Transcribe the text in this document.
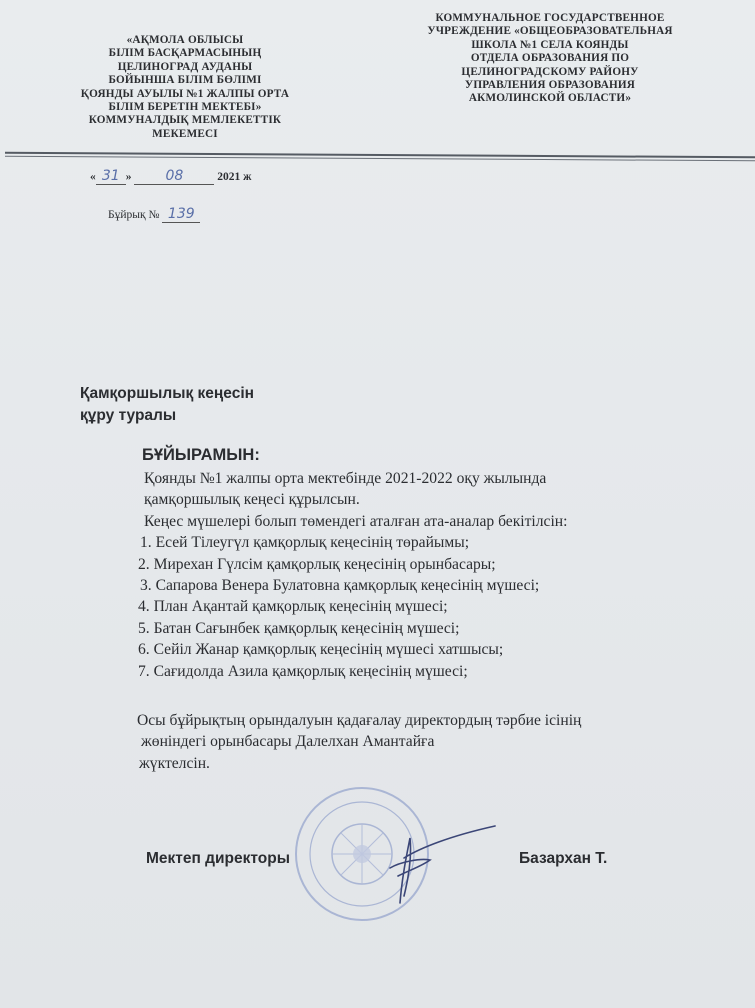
«АҚМОЛА ОБЛЫСЫ
БІЛІМ БАСҚАРМАСЫНЫҢ
ЦЕЛИНОГРАД АУДАНЫ
БОЙЫНША БІЛІМ БӨЛІМІ
ҚОЯНДЫ АУЫЛЫ №1 ЖАЛПЫ ОРТА
БІЛІМ БЕРЕТІН МЕКТЕБІ»
КОММУНАЛДЫҚ МЕМЛЕКЕТТІК
МЕКЕМЕСІ
КОММУНАЛЬНОЕ ГОСУДАРСТВЕННОЕ
УЧРЕЖДЕНИЕ «ОБЩЕОБРАЗОВАТЕЛЬНАЯ
ШКОЛА №1 СЕЛА КОЯНДЫ
ОТДЕЛА ОБРАЗОВАНИЯ ПО
ЦЕЛИНОГРАДСКОМУ РАЙОНУ
УПРАВЛЕНИЯ ОБРАЗОВАНИЯ
АКМОЛИНСКОЙ ОБЛАСТИ»
« 31 » 08	2021 ж
Бұйрық № 139
Қамқоршылық кеңесін
құру туралы
БҰЙЫРАМЫН:
Қоянды №1 жалпы орта мектебінде 2021-2022 оқу жылында
қамқоршылық кеңесі құрылсын.
Кеңес мүшелері болып төмендегі аталған ата-аналар бекітілсін:
1. Есей Тілеугүл қамқорлық кеңесінің төрайымы;
2. Мирехан Гүлсім қамқорлық кеңесінің орынбасары;
3. Сапарова Венера Булатовна қамқорлық кеңесінің мүшесі;
4. План Ақантай қамқорлық кеңесінің мүшесі;
5. Батан Сағынбек қамқорлық кеңесінің мүшесі;
6. Сейіл Жанар қамқорлық кеңесінің мүшесі хатшысы;
7. Сағидолда Азила қамқорлық кеңесінің мүшесі;
Осы бұйрықтың орындалуын қадағалау директордың тәрбие ісінің
жөніндегі орынбасары Далелхан Амантайға
жүктелсін.
Мектеп директоры	Базархан Т.
